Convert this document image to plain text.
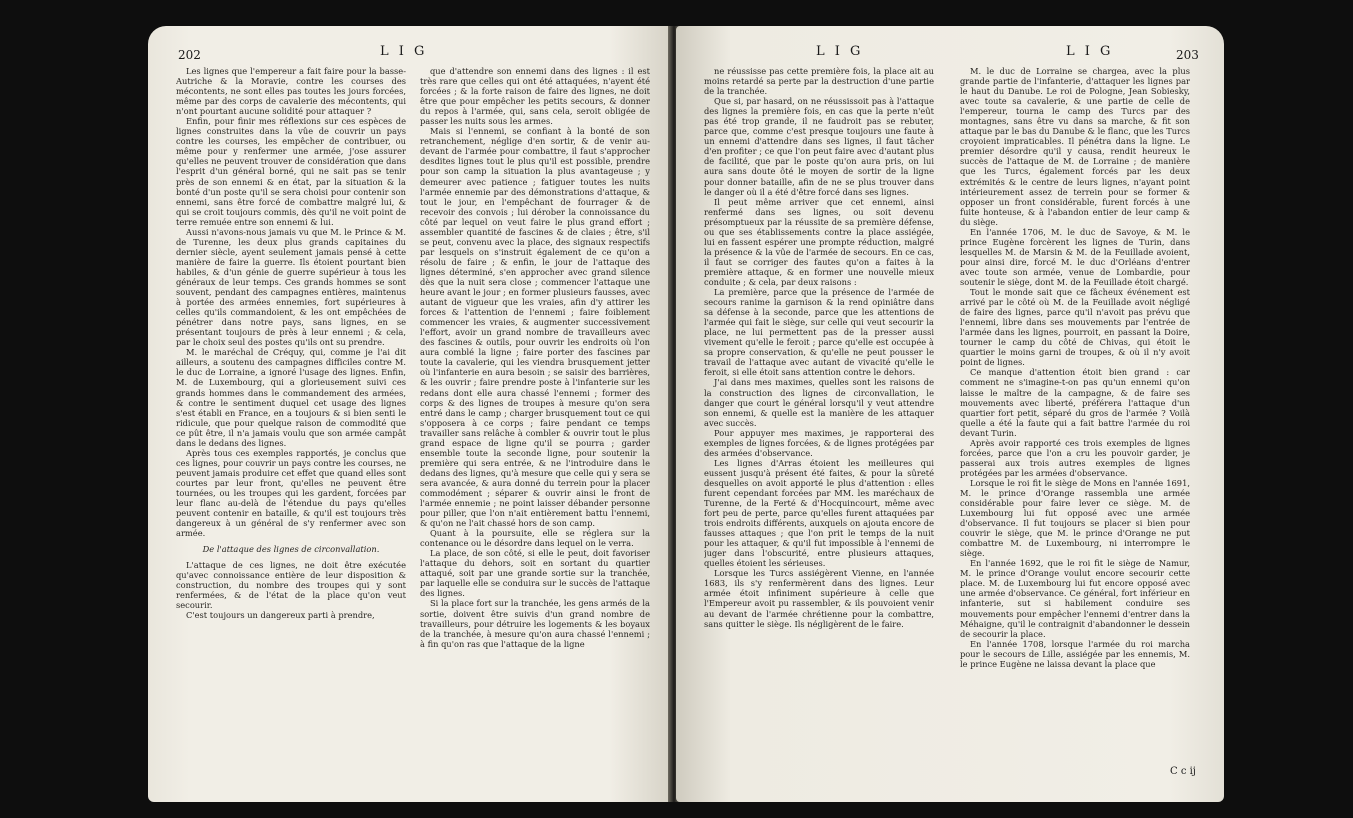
202	L I G

Les lignes que l'empereur a fait faire pour la basse-Autriche & la Moravie, contre les courses des mécontents, ne sont elles pas toutes les jours forcées, même par des corps de cavalerie des mécontents, qui n'ont pourtant aucune solidité pour attaquer ?

Enfin, pour finir mes réflexions sur ces espèces de lignes construites dans la vûe de couvrir un pays contre les courses, les empêcher de contribuer, ou même pour y renfermer une armée, j'ose assurer qu'elles ne peuvent trouver de considération que dans l'esprit d'un général borné, qui ne sait pas se tenir près de son ennemi & en état, par la situation & la bonté d'un poste qu'il se sera choisi pour contenir son ennemi, sans être forcé de combattre malgré lui, & qui se croit toujours commis, dès qu'il ne voit point de terre remuée entre son ennemi & lui.

Aussi n'avons-nous jamais vu que M. le Prince & M. de Turenne, les deux plus grands capitaines du dernier siècle, ayent seulement jamais pensé à cette manière de faire la guerre. Ils étoient pourtant bien habiles, & d'un génie de guerre supérieur à tous les généraux de leur temps. Ces grands hommes se sont souvent, pendant des campagnes entières, maintenus à portée des armées ennemies, fort supérieures à celles qu'ils commandoient, & les ont empêchées de pénétrer dans notre pays, sans lignes, en se présentant toujours de près à leur ennemi ; & cela, par le choix seul des postes qu'ils ont su prendre.

M. le maréchal de Créquy, qui, comme je l'ai dit ailleurs, a soutenu des campagnes difficiles contre M. le duc de Lorraine, a ignoré l'usage des lignes. Enfin, M. de Luxembourg, qui a glorieusement suivi ces grands hommes dans le commandement des armées, & contre le sentiment duquel cet usage des lignes s'est établi en France, en a toujours & si bien senti le ridicule, que pour quelque raison de commodité que ce pût être, il n'a jamais voulu que son armée campât dans le dedans des lignes.

Après tous ces exemples rapportés, je conclus que ces lignes, pour couvrir un pays contre les courses, ne peuvent jamais produire cet effet que quand elles sont courtes par leur front, qu'elles ne peuvent être tournées, ou les troupes qui les gardent, forcées par leur flanc au-delà de l'étendue du pays qu'elles peuvent contenir en bataille, & qu'il est toujours très dangereux à un général de s'y renfermer avec son armée.

De l'attaque des lignes de circonvallation.

L'attaque de ces lignes, ne doit être exécutée qu'avec connoissance entière de leur disposition & construction, du nombre des troupes qui y sont renfermées, & de l'état de la place qu'on veut secourir.

C'est toujours un dangereux parti à prendre,

que d'attendre son ennemi dans des lignes : il est très rare que celles qui ont été attaquées, n'ayent été forcées ; & la forte raison de faire des lignes, ne doit être que pour empêcher les petits secours, & donner du repos à l'armée, qui, sans cela, seroit obligée de passer les nuits sous les armes.

Mais si l'ennemi, se confiant à la bonté de son retranchement, néglige d'en sortir, & de venir au-devant de l'armée pour combattre, il faut s'approcher desdites lignes tout le plus qu'il est possible, prendre pour son camp la situation la plus avantageuse ; y demeurer avec patience ; fatiguer toutes les nuits l'armée ennemie par des démonstrations d'attaque, & tout le jour, en l'empêchant de fourrager & de recevoir des convois ; lui dérober la connoissance du côté par lequel on veut faire le plus grand effort ; assembler quantité de fascines & de claies ; être, s'il se peut, convenu avec la place, des signaux respectifs par lesquels on s'instruit également de ce qu'on a résolu de faire ; & enfin, le jour de l'attaque des lignes déterminé, s'en approcher avec grand silence dès que la nuit sera close ; commencer l'attaque une heure avant le jour ; en former plusieurs fausses, avec autant de vigueur que les vraies, afin d'y attirer les forces & l'attention de l'ennemi ; faire foiblement commencer les vraies, & augmenter successivement l'effort, avoir un grand nombre de travailleurs avec des fascines & outils, pour ouvrir les endroits où l'on aura comblé la ligne ; faire porter des fascines par toute la cavalerie, qui les viendra brusquement jetter où l'infanterie en aura besoin ; se saisir des barrières, & les ouvrir ; faire prendre poste à l'infanterie sur les redans dont elle aura chassé l'ennemi ; former des corps & des lignes de troupes à mesure qu'on sera entré dans le camp ; charger brusquement tout ce qui s'opposera à ce corps ; faire pendant ce temps travailler sans relâche à combler & ouvrir tout le plus grand espace de ligne qu'il se pourra ; garder ensemble toute la seconde ligne, pour soutenir la première qui sera entrée, & ne l'introduire dans le dedans des lignes, qu'à mesure que celle qui y sera se sera avancée, & aura donné du terrein pour la placer commodément ; séparer & ouvrir ainsi le front de l'armée ennemie ; ne point laisser débander personne pour piller, que l'on n'ait entièrement battu l'ennemi, & qu'on ne l'ait chassé hors de son camp.

Quant à la poursuite, elle se réglera sur la contenance ou le désordre dans lequel on le verra.

La place, de son côté, si elle le peut, doit favoriser l'attaque du dehors, soit en sortant du quartier attaqué, soit par une grande sortie sur la tranchée, par laquelle elle se conduira sur le succès de l'attaque des lignes.

Si la place fort sur la tranchée, les gens armés de la sortie, doivent être suivis d'un grand nombre de travailleurs, pour détruire les logements & les boyaux de la tranchée, à mesure qu'on aura chassé l'ennemi ; à fin qu'on ras que l'attaque de la ligne

L I G	L I G	203

ne réussisse pas cette première fois, la place ait au moins retardé sa perte par la destruction d'une partie de la tranchée.

Que si, par hasard, on ne réussissoit pas à l'attaque des lignes la première fois, en cas que la perte n'eût pas été trop grande, il ne faudroit pas se rebuter, parce que, comme c'est presque toujours une faute à un ennemi d'attendre dans ses lignes, il faut tâcher d'en profiter ; ce que l'on peut faire avec d'autant plus de facilité, que par le poste qu'on aura pris, on lui aura sans doute ôté le moyen de sortir de la ligne pour donner bataille, afin de ne se plus trouver dans le danger où il a été d'être forcé dans ses lignes.

Il peut même arriver que cet ennemi, ainsi renfermé dans ses lignes, ou soit devenu présomptueux par la réussite de sa première défense, ou que ses établissements contre la place assiégée, lui en fassent espérer une prompte réduction, malgré la présence & la vûe de l'armée de secours. En ce cas, il faut se corriger des fautes qu'on a faites à la première attaque, & en former une nouvelle mieux conduite ; & cela, par deux raisons :

La première, parce que la présence de l'armée de secours ranime la garnison & la rend opiniâtre dans sa défense à la seconde, parce que les attentions de l'armée qui fait le siège, sur celle qui veut secourir la place, ne lui permettent pas de la presser aussi vivement qu'elle le feroit ; parce qu'elle est occupée à sa propre conservation, & qu'elle ne peut pousser le travail de l'attaque avec autant de vivacité qu'elle le feroit, si elle étoit sans attention contre le dehors.

J'ai dans mes maximes, quelles sont les raisons de la construction des lignes de circonvallation, le danger que court le général lorsqu'il y veut attendre son ennemi, & quelle est la manière de les attaquer avec succès.

Pour appuyer mes maximes, je rapporterai des exemples de lignes forcées, & de lignes protégées par des armées d'observance.

Les lignes d'Arras étoient les meilleures qui eussent jusqu'à présent été faites, & pour la sûreté desquelles on avoit apporté le plus d'attention : elles furent cependant forcées par MM. les maréchaux de Turenne, de la Ferté & d'Hocquincourt, même avec fort peu de perte, parce qu'elles furent attaquées par trois endroits différents, auxquels on ajouta encore de fausses attaques ; que l'on prit le temps de la nuit pour les attaquer, & qu'il fut impossible à l'ennemi de juger dans l'obscurité, entre plusieurs attaques, quelles étoient les sérieuses.

Lorsque les Turcs assiégèrent Vienne, en l'année 1683, ils s'y renfermèrent dans des lignes. Leur armée étoit infiniment supérieure à celle que l'Empereur avoit pu rassembler, & ils pouvoient venir au devant de l'armée chrétienne pour la combattre, sans quitter le siège. Ils négligèrent de le faire.

M. le duc de Lorraine se chargea, avec la plus grande partie de l'infanterie, d'attaquer les lignes par le haut du Danube. Le roi de Pologne, Jean Sobiesky, avec toute sa cavalerie, & une partie de celle de l'empereur, tourna le camp des Turcs par des montagnes, sans être vu dans sa marche, & fit son attaque par le bas du Danube & le flanc, que les Turcs croyoient impraticables. Il pénétra dans la ligne. Le premier désordre qu'il y causa, rendit heureux le succès de l'attaque de M. de Lorraine ; de manière que les Turcs, également forcés par les deux extrémités & le centre de leurs lignes, n'ayant point intérieurement assez de terrein pour se former & opposer un front considérable, furent forcés à une fuite honteuse, & à l'abandon entier de leur camp & du siège.

En l'année 1706, M. le duc de Savoye, & M. le prince Eugène forcèrent les lignes de Turin, dans lesquelles M. de Marsin & M. de la Feuillade avoient, pour ainsi dire, forcé M. le duc d'Orléans d'entrer avec toute son armée, venue de Lombardie, pour soutenir le siège, dont M. de la Feuillade étoit chargé.

Tout le monde sait que ce fâcheux événement est arrivé par le côté où M. de la Feuillade avoit négligé de faire des lignes, parce qu'il n'avoit pas prévu que l'ennemi, libre dans ses mouvements par l'entrée de l'armée dans les lignes, pourroit, en passant la Doire, tourner le camp du côté de Chivas, qui étoit le quartier le moins garni de troupes, & où il n'y avoit point de lignes.

Ce manque d'attention étoit bien grand : car comment ne s'imagine-t-on pas qu'un ennemi qu'on laisse le maître de la campagne, & de faire ses mouvements avec liberté, préférera l'attaque d'un quartier fort petit, séparé du gros de l'armée ? Voilà quelle a été la faute qui a fait battre l'armée du roi devant Turin.

Après avoir rapporté ces trois exemples de lignes forcées, parce que l'on a cru les pouvoir garder, je passerai aux trois autres exemples de lignes protégées par les armées d'observance.

Lorsque le roi fit le siège de Mons en l'année 1691, M. le prince d'Orange rassembla une armée considérable pour faire lever ce siège. M. de Luxembourg lui fut opposé avec une armée d'observance. Il fut toujours se placer si bien pour couvrir le siège, que M. le prince d'Orange ne put combattre M. de Luxembourg, ni interrompre le siège.

En l'année 1692, que le roi fit le siège de Namur, M. le prince d'Orange voulut encore secourir cette place. M. de Luxembourg lui fut encore opposé avec une armée d'observance. Ce général, fort inférieur en infanterie, sut si habilement conduire ses mouvements pour empêcher l'ennemi d'entrer dans la Méhaigne, qu'il le contraignit d'abandonner le dessein de secourir la place.

En l'année 1708, lorsque l'armée du roi marcha pour le secours de Lille, assiégée par les ennemis, M. le prince Eugène ne laissa devant la place que

C c ij
